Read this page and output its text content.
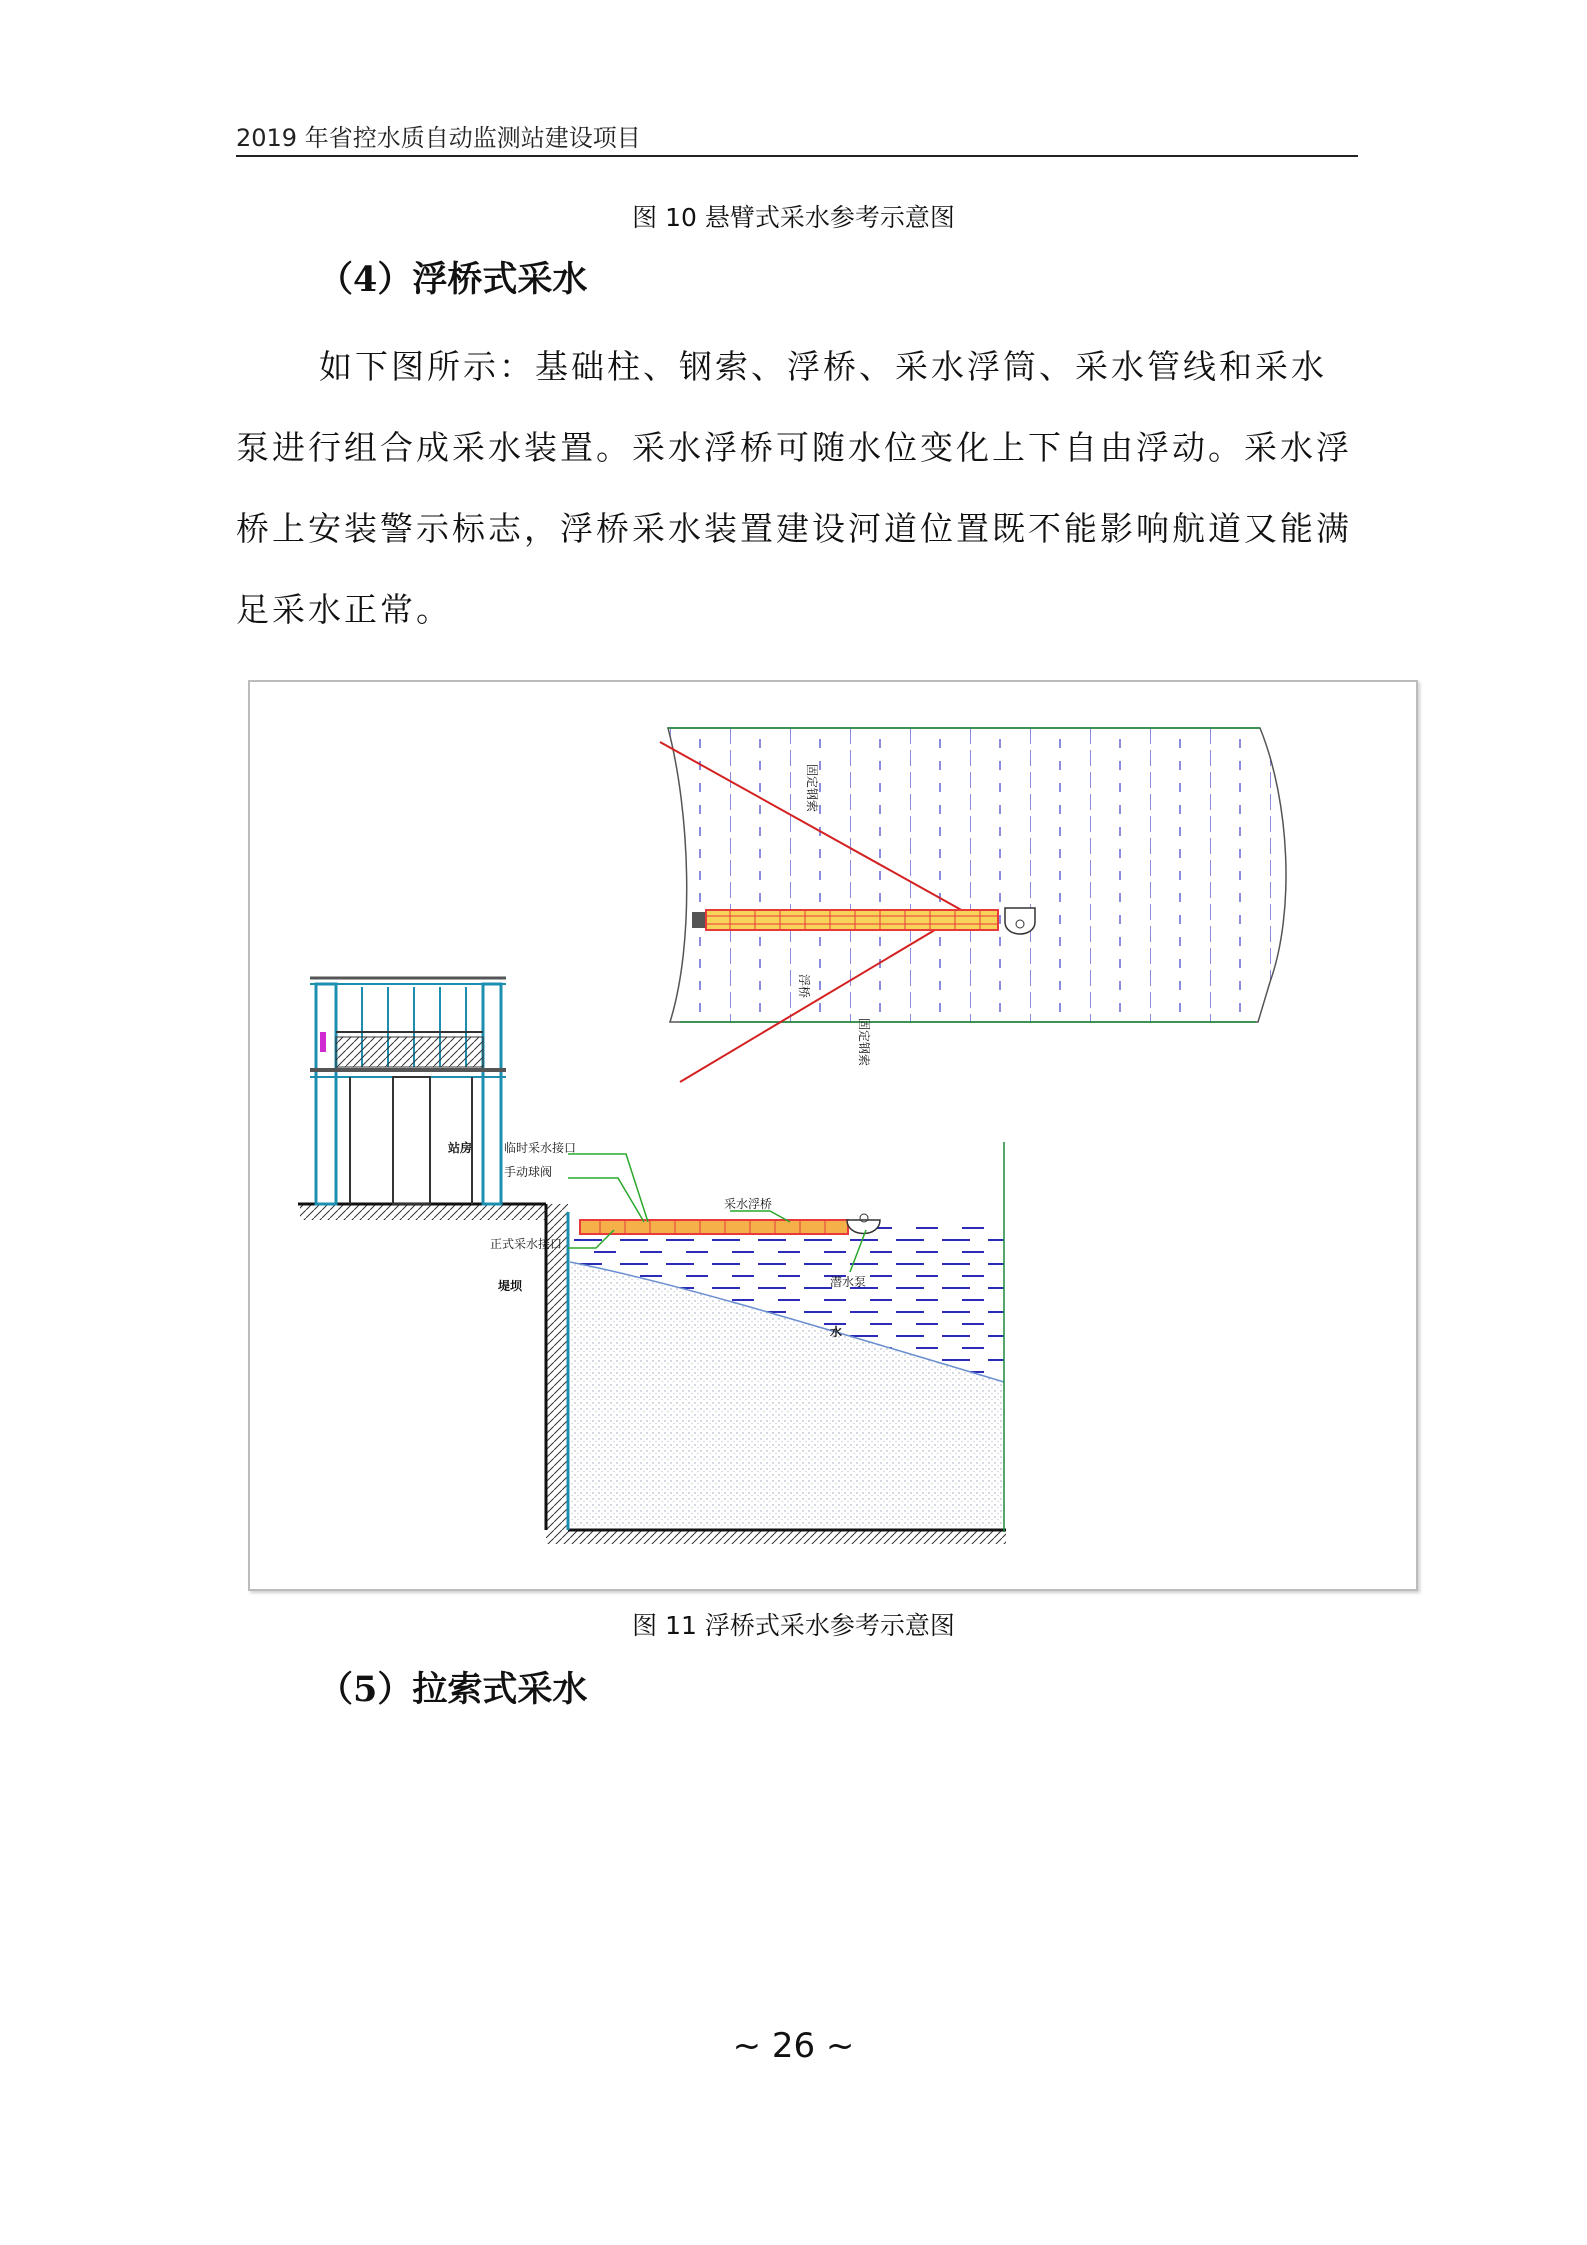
2019 年省控水质自动监测站建设项目
图 10 悬臂式采水参考示意图
（4）浮桥式采水

如下图所示：基础柱、钢索、浮桥、采水浮筒、采水管线和采水泵进行组合成采水装置。采水浮桥可随水位变化上下自由浮动。采水浮桥上安装警示标志，浮桥采水装置建设河道位置既不能影响航道又能满足采水正常。

固定钢索
浮桥
固定钢索
站房	临时采水接口
手动球阀
采水浮桥
正式采水接口
潜水泵
堤坝
水
图 11 浮桥式采水参考示意图
（5）拉索式采水
~ 26 ~
